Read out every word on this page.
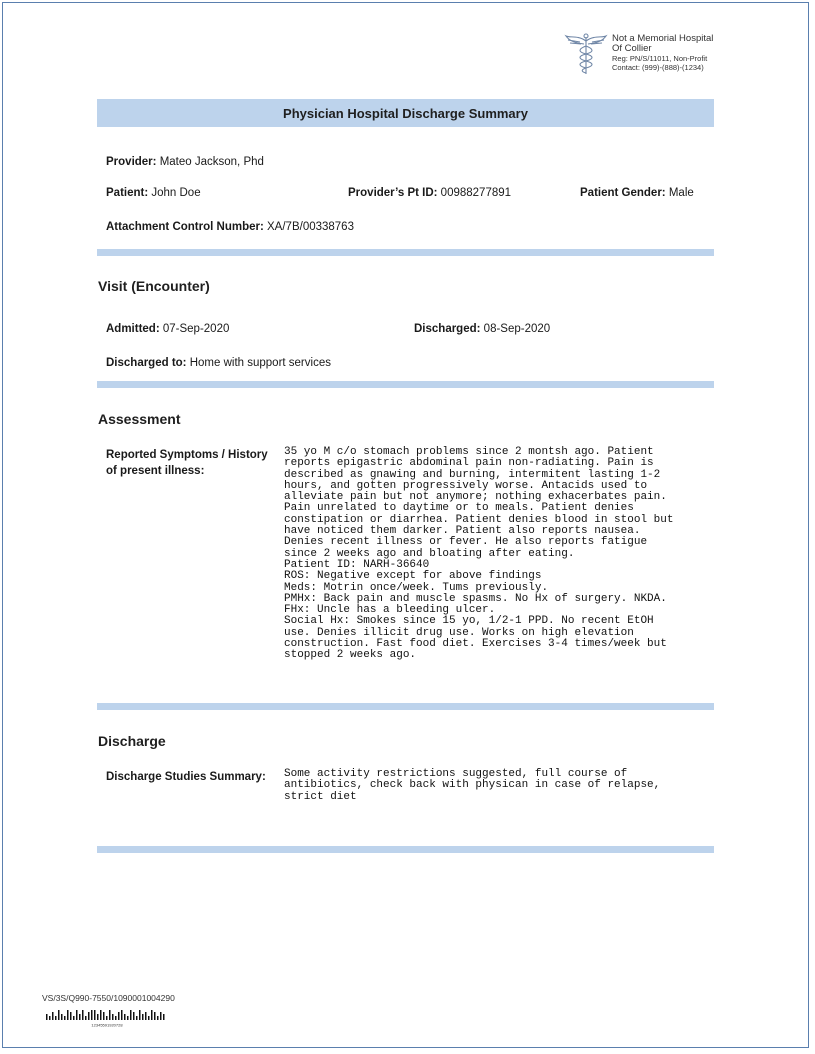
Not a Memorial Hospital
Of Collier
Reg: PN/S/11011, Non-Profit
Contact: (999)-(888)-(1234)
Physician Hospital Discharge Summary
Provider: Mateo Jackson, Phd
Patient: John Doe	Provider’s Pt ID: 00988277891	Patient Gender: Male
Attachment Control Number: XA/7B/00338763
Visit (Encounter)
Admitted: 07-Sep-2020	Discharged: 08-Sep-2020
Discharged to: Home with support services
Assessment
Reported Symptoms / History of present illness:
35 yo M c/o stomach problems since 2 montsh ago. Patient
reports epigastric abdominal pain non-radiating. Pain is
described as gnawing and burning, intermitent lasting 1-2
hours, and gotten progressively worse. Antacids used to
alleviate pain but not anymore; nothing exhacerbates pain.
Pain unrelated to daytime or to meals. Patient denies
constipation or diarrhea. Patient denies blood in stool but
have noticed them darker. Patient also reports nausea.
Denies recent illness or fever. He also reports fatigue
since 2 weeks ago and bloating after eating.
Patient ID: NARH-36640
ROS: Negative except for above findings
Meds: Motrin once/week. Tums previously.
PMHx: Back pain and muscle spasms. No Hx of surgery. NKDA.
FHx: Uncle has a bleeding ulcer.
Social Hx: Smokes since 15 yo, 1/2-1 PPD. No recent EtOH
use. Denies illicit drug use. Works on high elevation
construction. Fast food diet. Exercises 3-4 times/week but
stopped 2 weeks ago.
Discharge
Discharge Studies Summary: Some activity restrictions suggested, full course of
antibiotics, check back with physican in case of relapse,
strict diet
VS/3S/Q990-7550/1090001004290
12345591920728
